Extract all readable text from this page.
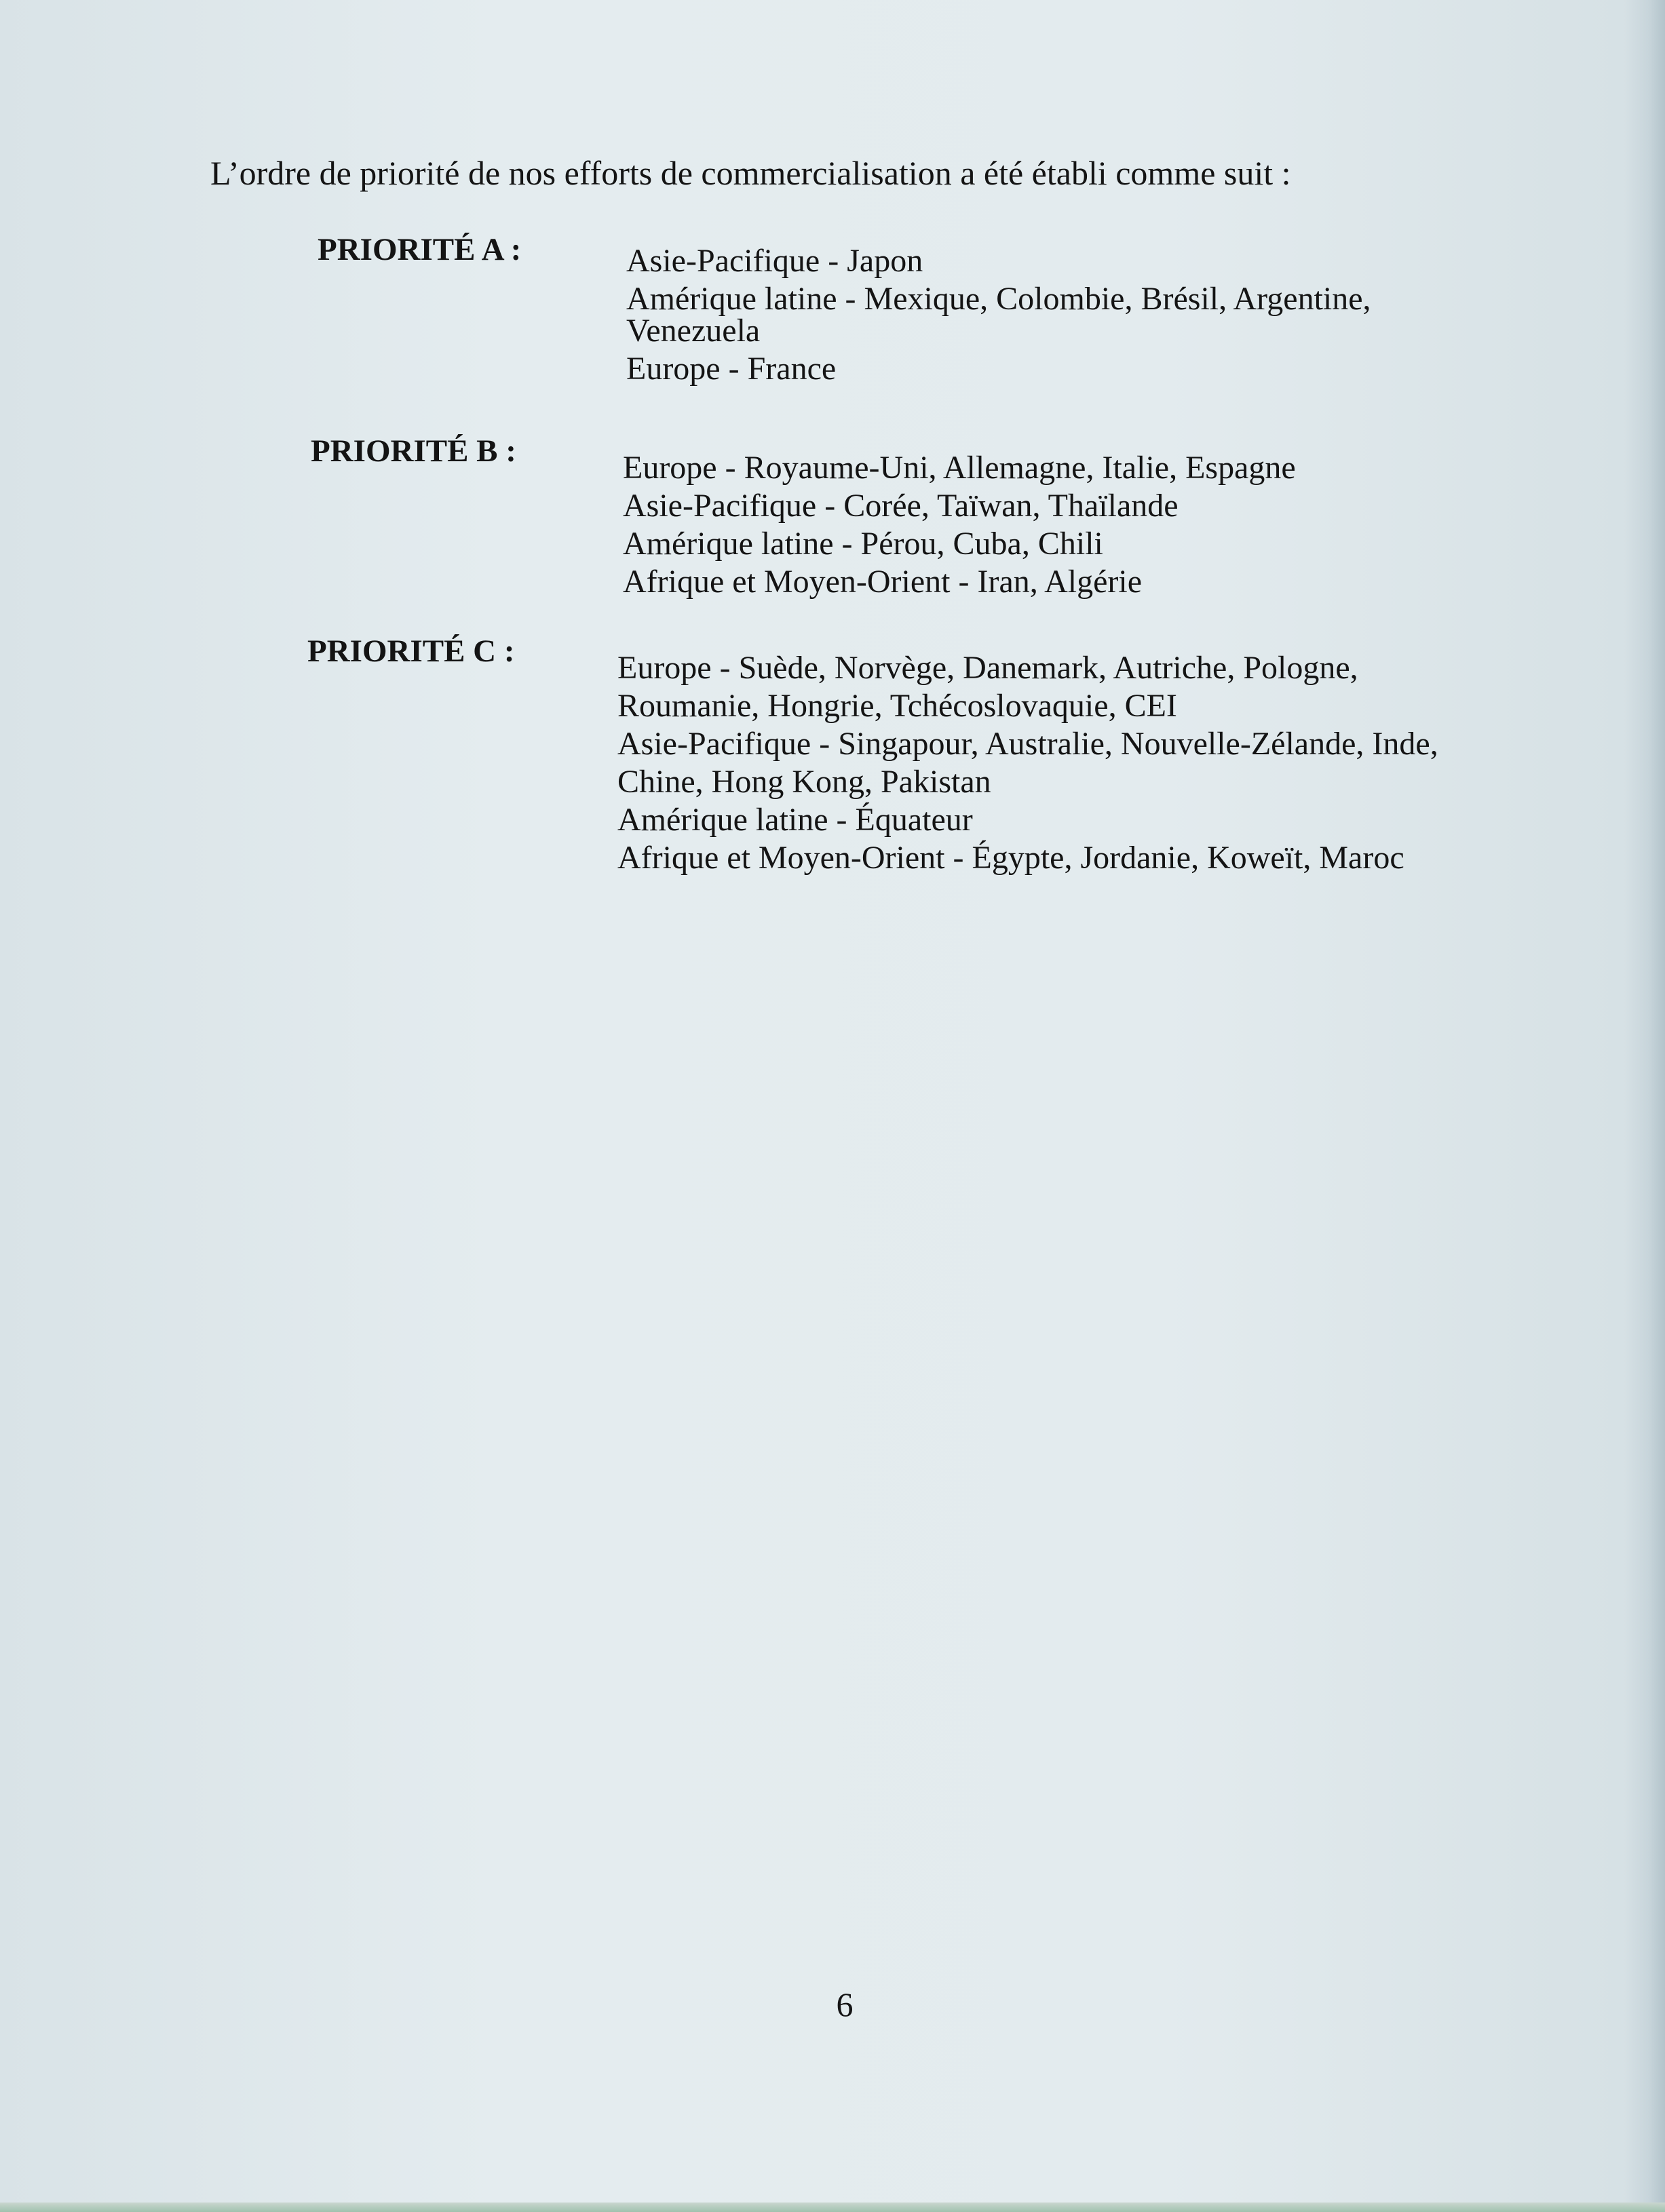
L’ordre de priorité de nos efforts de commercialisation a été établi comme suit :
PRIORITÉ A :	Asie-Pacifique - Japon
Amérique latine - Mexique, Colombie, Brésil, Argentine,
Venezuela
Europe - France
PRIORITÉ B :	Europe - Royaume-Uni, Allemagne, Italie, Espagne
Asie-Pacifique - Corée, Taïwan, Thaïlande
Amérique latine - Pérou, Cuba, Chili
Afrique et Moyen-Orient - Iran, Algérie
PRIORITÉ C :	Europe - Suède, Norvège, Danemark, Autriche, Pologne,
Roumanie, Hongrie, Tchécoslovaquie, CEI
Asie-Pacifique - Singapour, Australie, Nouvelle-Zélande, Inde,
Chine, Hong Kong, Pakistan
Amérique latine - Équateur
Afrique et Moyen-Orient - Égypte, Jordanie, Koweït, Maroc
6
